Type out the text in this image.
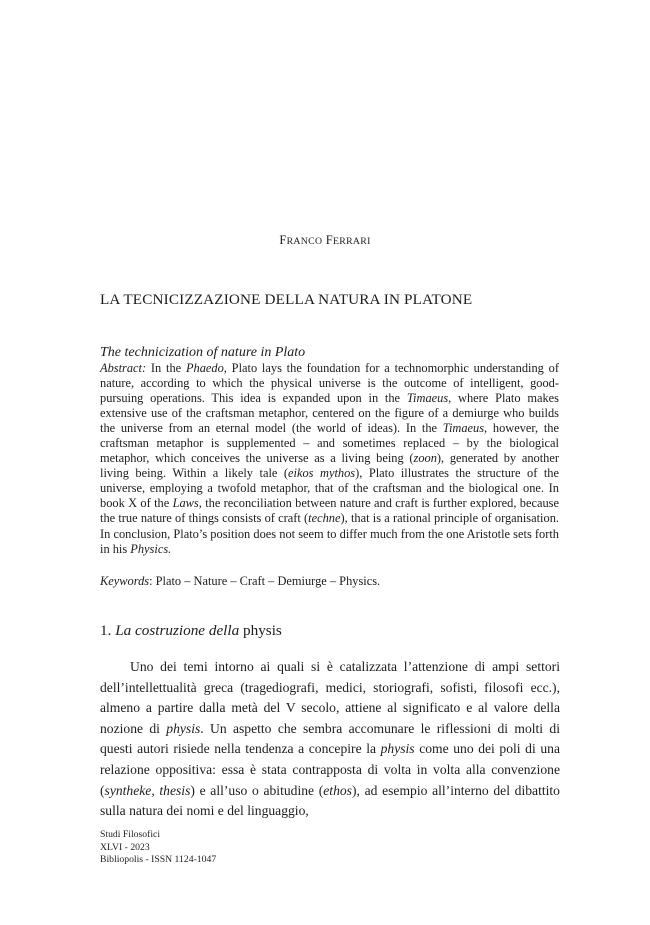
FRANCO FERRARI
LA TECNICIZZAZIONE DELLA NATURA IN PLATONE
The technicization of nature in Plato

Abstract: In the Phaedo, Plato lays the foundation for a technomorphic understanding of nature, according to which the physical universe is the outcome of intelligent, good-pursuing operations. This idea is expanded upon in the Timaeus, where Plato makes extensive use of the craftsman metaphor, centered on the figure of a demiurge who builds the universe from an eternal model (the world of ideas). In the Timaeus, however, the craftsman metaphor is supplemented – and sometimes replaced – by the biological metaphor, which conceives the universe as a living being (zoon), generated by another living being. Within a likely tale (eikos mythos), Plato illustrates the structure of the universe, employing a twofold metaphor, that of the craftsman and the biological one. In book X of the Laws, the reconciliation between nature and craft is further explored, because the true nature of things consists of craft (techne), that is a rational principle of organisation. In conclusion, Plato’s position does not seem to differ much from the one Aristotle sets forth in his Physics.

Keywords: Plato – Nature – Craft – Demiurge – Physics.
1. La costruzione della physis

Uno dei temi intorno ai quali si è catalizzata l’attenzione di ampi settori dell’intellettualità greca (tragediografi, medici, storiografi, sofisti, filosofi ecc.), almeno a partire dalla metà del V secolo, attiene al significato e al valore della nozione di physis. Un aspetto che sembra accomunare le riflessioni di molti di questi autori risiede nella tendenza a concepire la physis come uno dei poli di una relazione oppositiva: essa è stata contrapposta di volta in volta alla convenzione (syntheke, thesis) e all’uso o abitudine (ethos), ad esempio all’interno del dibattito sulla natura dei nomi e del linguaggio,

Studi Filosofici
XLVI - 2023
Bibliopolis - ISSN 1124-1047
